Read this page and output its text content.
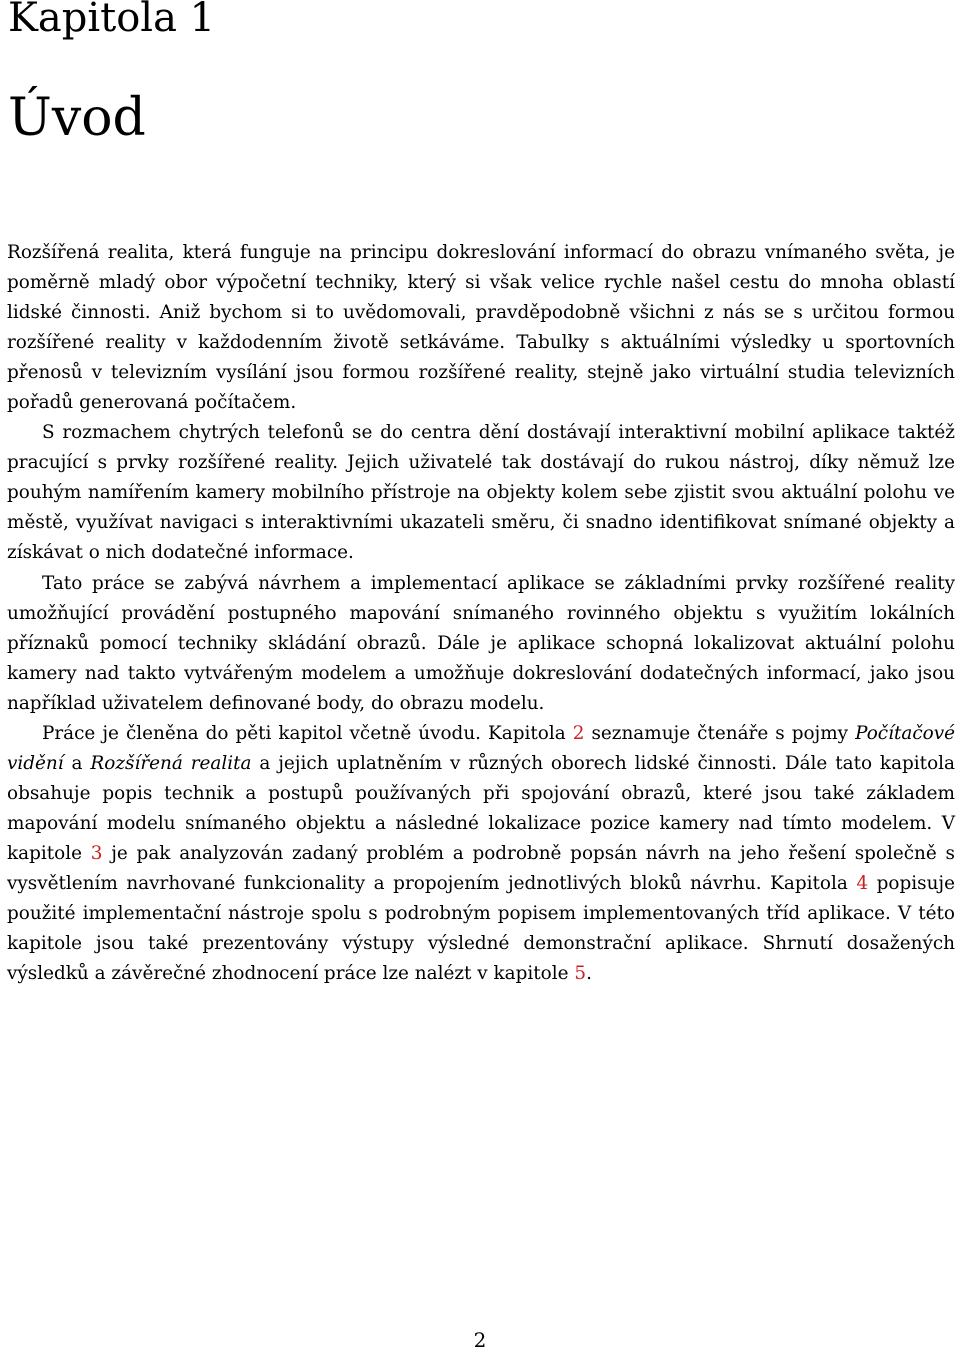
Kapitola 1
Úvod

Rozšířená realita, která funguje na principu dokreslování informací do obrazu vnímaného světa, je poměrně mladý obor výpočetní techniky, který si však velice rychle našel cestu do mnoha oblastí lidské činnosti. Aniž bychom si to uvědomovali, pravděpodobně všichni z nás se s určitou formou rozšířené reality v každodenním životě setkáváme. Tabulky s aktuálními výsledky u sportovních přenosů v televizním vysílání jsou formou rozšířené reality, stejně jako virtuální studia televizních pořadů generovaná počítačem.

S rozmachem chytrých telefonů se do centra dění dostávají interaktivní mobilní aplikace taktéž pracující s prvky rozšířené reality. Jejich uživatelé tak dostávají do rukou nástroj, díky němuž lze pouhým namířením kamery mobilního přístroje na objekty kolem sebe zjistit svou aktuální polohu ve městě, využívat navigaci s interaktivními ukazateli směru, či snadno identifikovat snímané objekty a získávat o nich dodatečné informace.

Tato práce se zabývá návrhem a implementací aplikace se základními prvky rozšířené reality umožňující provádění postupného mapování snímaného rovinného objektu s využitím lokálních příznaků pomocí techniky skládání obrazů. Dále je aplikace schopná lokalizovat aktuální polohu kamery nad takto vytvářeným modelem a umožňuje dokreslování dodatečných informací, jako jsou například uživatelem definované body, do obrazu modelu.

Práce je členěna do pěti kapitol včetně úvodu. Kapitola 2 seznamuje čtenáře s pojmy Počítačové vidění a Rozšířená realita a jejich uplatněním v různých oborech lidské činnosti. Dále tato kapitola obsahuje popis technik a postupů používaných při spojování obrazů, které jsou také základem mapování modelu snímaného objektu a následné lokalizace pozice kamery nad tímto modelem. V kapitole 3 je pak analyzován zadaný problém a podrobně popsán návrh na jeho řešení společně s vysvětlením navrhované funkcionality a propojením jednotlivých bloků návrhu. Kapitola 4 popisuje použité implementační nástroje spolu s podrobným popisem implementovaných tříd aplikace. V této kapitole jsou také prezentovány výstupy výsledné demonstrační aplikace. Shrnutí dosažených výsledků a závěrečné zhodnocení práce lze nalézt v kapitole 5.

2
